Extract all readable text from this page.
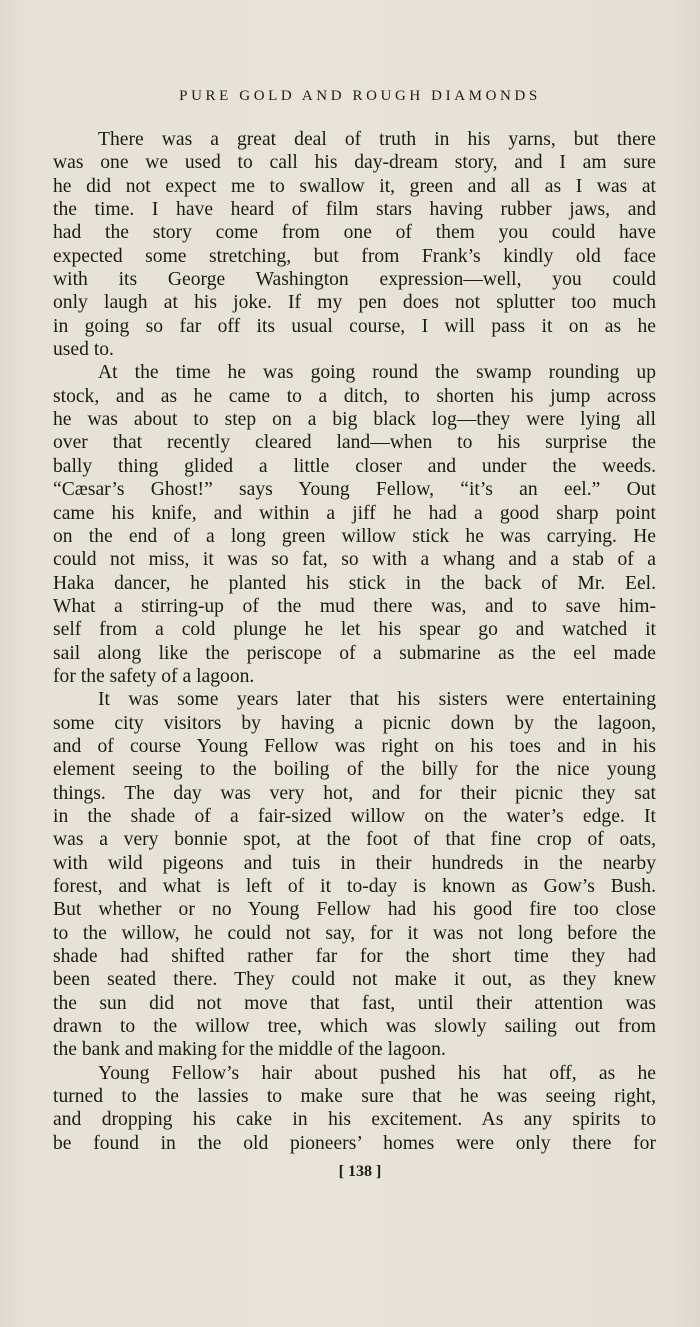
PURE GOLD AND ROUGH DIAMONDS

There was a great deal of truth in his yarns, but there
was one we used to call his day-dream story, and I am sure
he did not expect me to swallow it, green and all as I was at
the time. I have heard of film stars having rubber jaws, and
had the story come from one of them you could have
expected some stretching, but from Frank’s kindly old face
with its George Washington expression—well, you could
only laugh at his joke. If my pen does not splutter too much
in going so far off its usual course, I will pass it on as he
used to.

At the time he was going round the swamp rounding up
stock, and as he came to a ditch, to shorten his jump across
he was about to step on a big black log—they were lying all
over that recently cleared land—when to his surprise the
bally thing glided a little closer and under the weeds.
“Cæsar’s Ghost!” says Young Fellow, “it’s an eel.” Out
came his knife, and within a jiff he had a good sharp point
on the end of a long green willow stick he was carrying. He
could not miss, it was so fat, so with a whang and a stab of a
Haka dancer, he planted his stick in the back of Mr. Eel.
What a stirring-up of the mud there was, and to save him-
self from a cold plunge he let his spear go and watched it
sail along like the periscope of a submarine as the eel made
for the safety of a lagoon.

It was some years later that his sisters were entertaining
some city visitors by having a picnic down by the lagoon,
and of course Young Fellow was right on his toes and in his
element seeing to the boiling of the billy for the nice young
things. The day was very hot, and for their picnic they sat
in the shade of a fair-sized willow on the water’s edge. It
was a very bonnie spot, at the foot of that fine crop of oats,
with wild pigeons and tuis in their hundreds in the nearby
forest, and what is left of it to-day is known as Gow’s Bush.
But whether or no Young Fellow had his good fire too close
to the willow, he could not say, for it was not long before the
shade had shifted rather far for the short time they had
been seated there. They could not make it out, as they knew
the sun did not move that fast, until their attention was
drawn to the willow tree, which was slowly sailing out from
the bank and making for the middle of the lagoon.

Young Fellow’s hair about pushed his hat off, as he
turned to the lassies to make sure that he was seeing right,
and dropping his cake in his excitement. As any spirits to
be found in the old pioneers’ homes were only there for

[ 138 ]
